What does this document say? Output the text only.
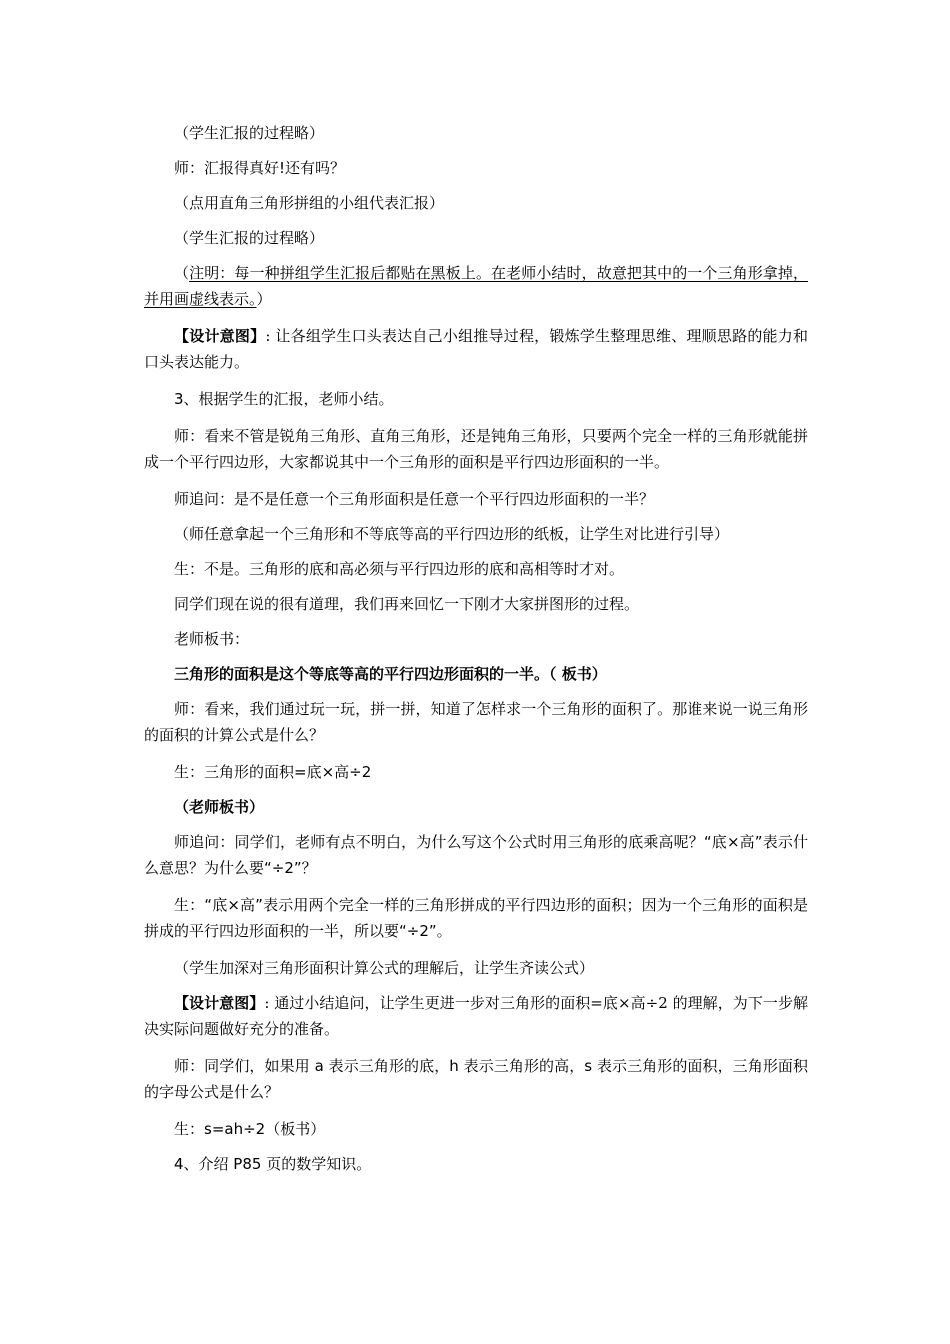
（学生汇报的过程略）

师：汇报得真好!还有吗？

（点用直角三角形拼组的小组代表汇报）

（学生汇报的过程略）

（注明：每一种拼组学生汇报后都贴在黑板上。在老师小结时，故意把其中的一个三角形拿掉，并用画虚线表示。）

【设计意图】: 让各组学生口头表达自己小组推导过程，锻炼学生整理思维、理顺思路的能力和口头表达能力。

3、根据学生的汇报，老师小结。

师：看来不管是锐角三角形、直角三角形，还是钝角三角形，只要两个完全一样的三角形就能拼成一个平行四边形，大家都说其中一个三角形的面积是平行四边形面积的一半。

师追问：是不是任意一个三角形面积是任意一个平行四边形面积的一半？

（师任意拿起一个三角形和不等底等高的平行四边形的纸板，让学生对比进行引导）

生：不是。三角形的底和高必须与平行四边形的底和高相等时才对。

同学们现在说的很有道理，我们再来回忆一下刚才大家拼图形的过程。

老师板书：

三角形的面积是这个等底等高的平行四边形面积的一半。（ 板书）

师：看来，我们通过玩一玩，拼一拼，知道了怎样求一个三角形的面积了。那谁来说一说三角形的面积的计算公式是什么？

生：三角形的面积=底×高÷2

（老师板书）

师追问：同学们，老师有点不明白，为什么写这个公式时用三角形的底乘高呢？“底×高”表示什么意思？为什么要“÷2”？

生：“底×高”表示用两个完全一样的三角形拼成的平行四边形的面积；因为一个三角形的面积是拼成的平行四边形面积的一半，所以要“÷2”。

（学生加深对三角形面积计算公式的理解后，让学生齐读公式）

【设计意图】: 通过小结追问，让学生更进一步对三角形的面积=底×高÷2 的理解，为下一步解决实际问题做好充分的准备。

师：同学们，如果用 a 表示三角形的底，h 表示三角形的高，s 表示三角形的面积，三角形面积的字母公式是什么？

生：s=ah÷2（板书）

4、介绍 P85 页的数学知识。
